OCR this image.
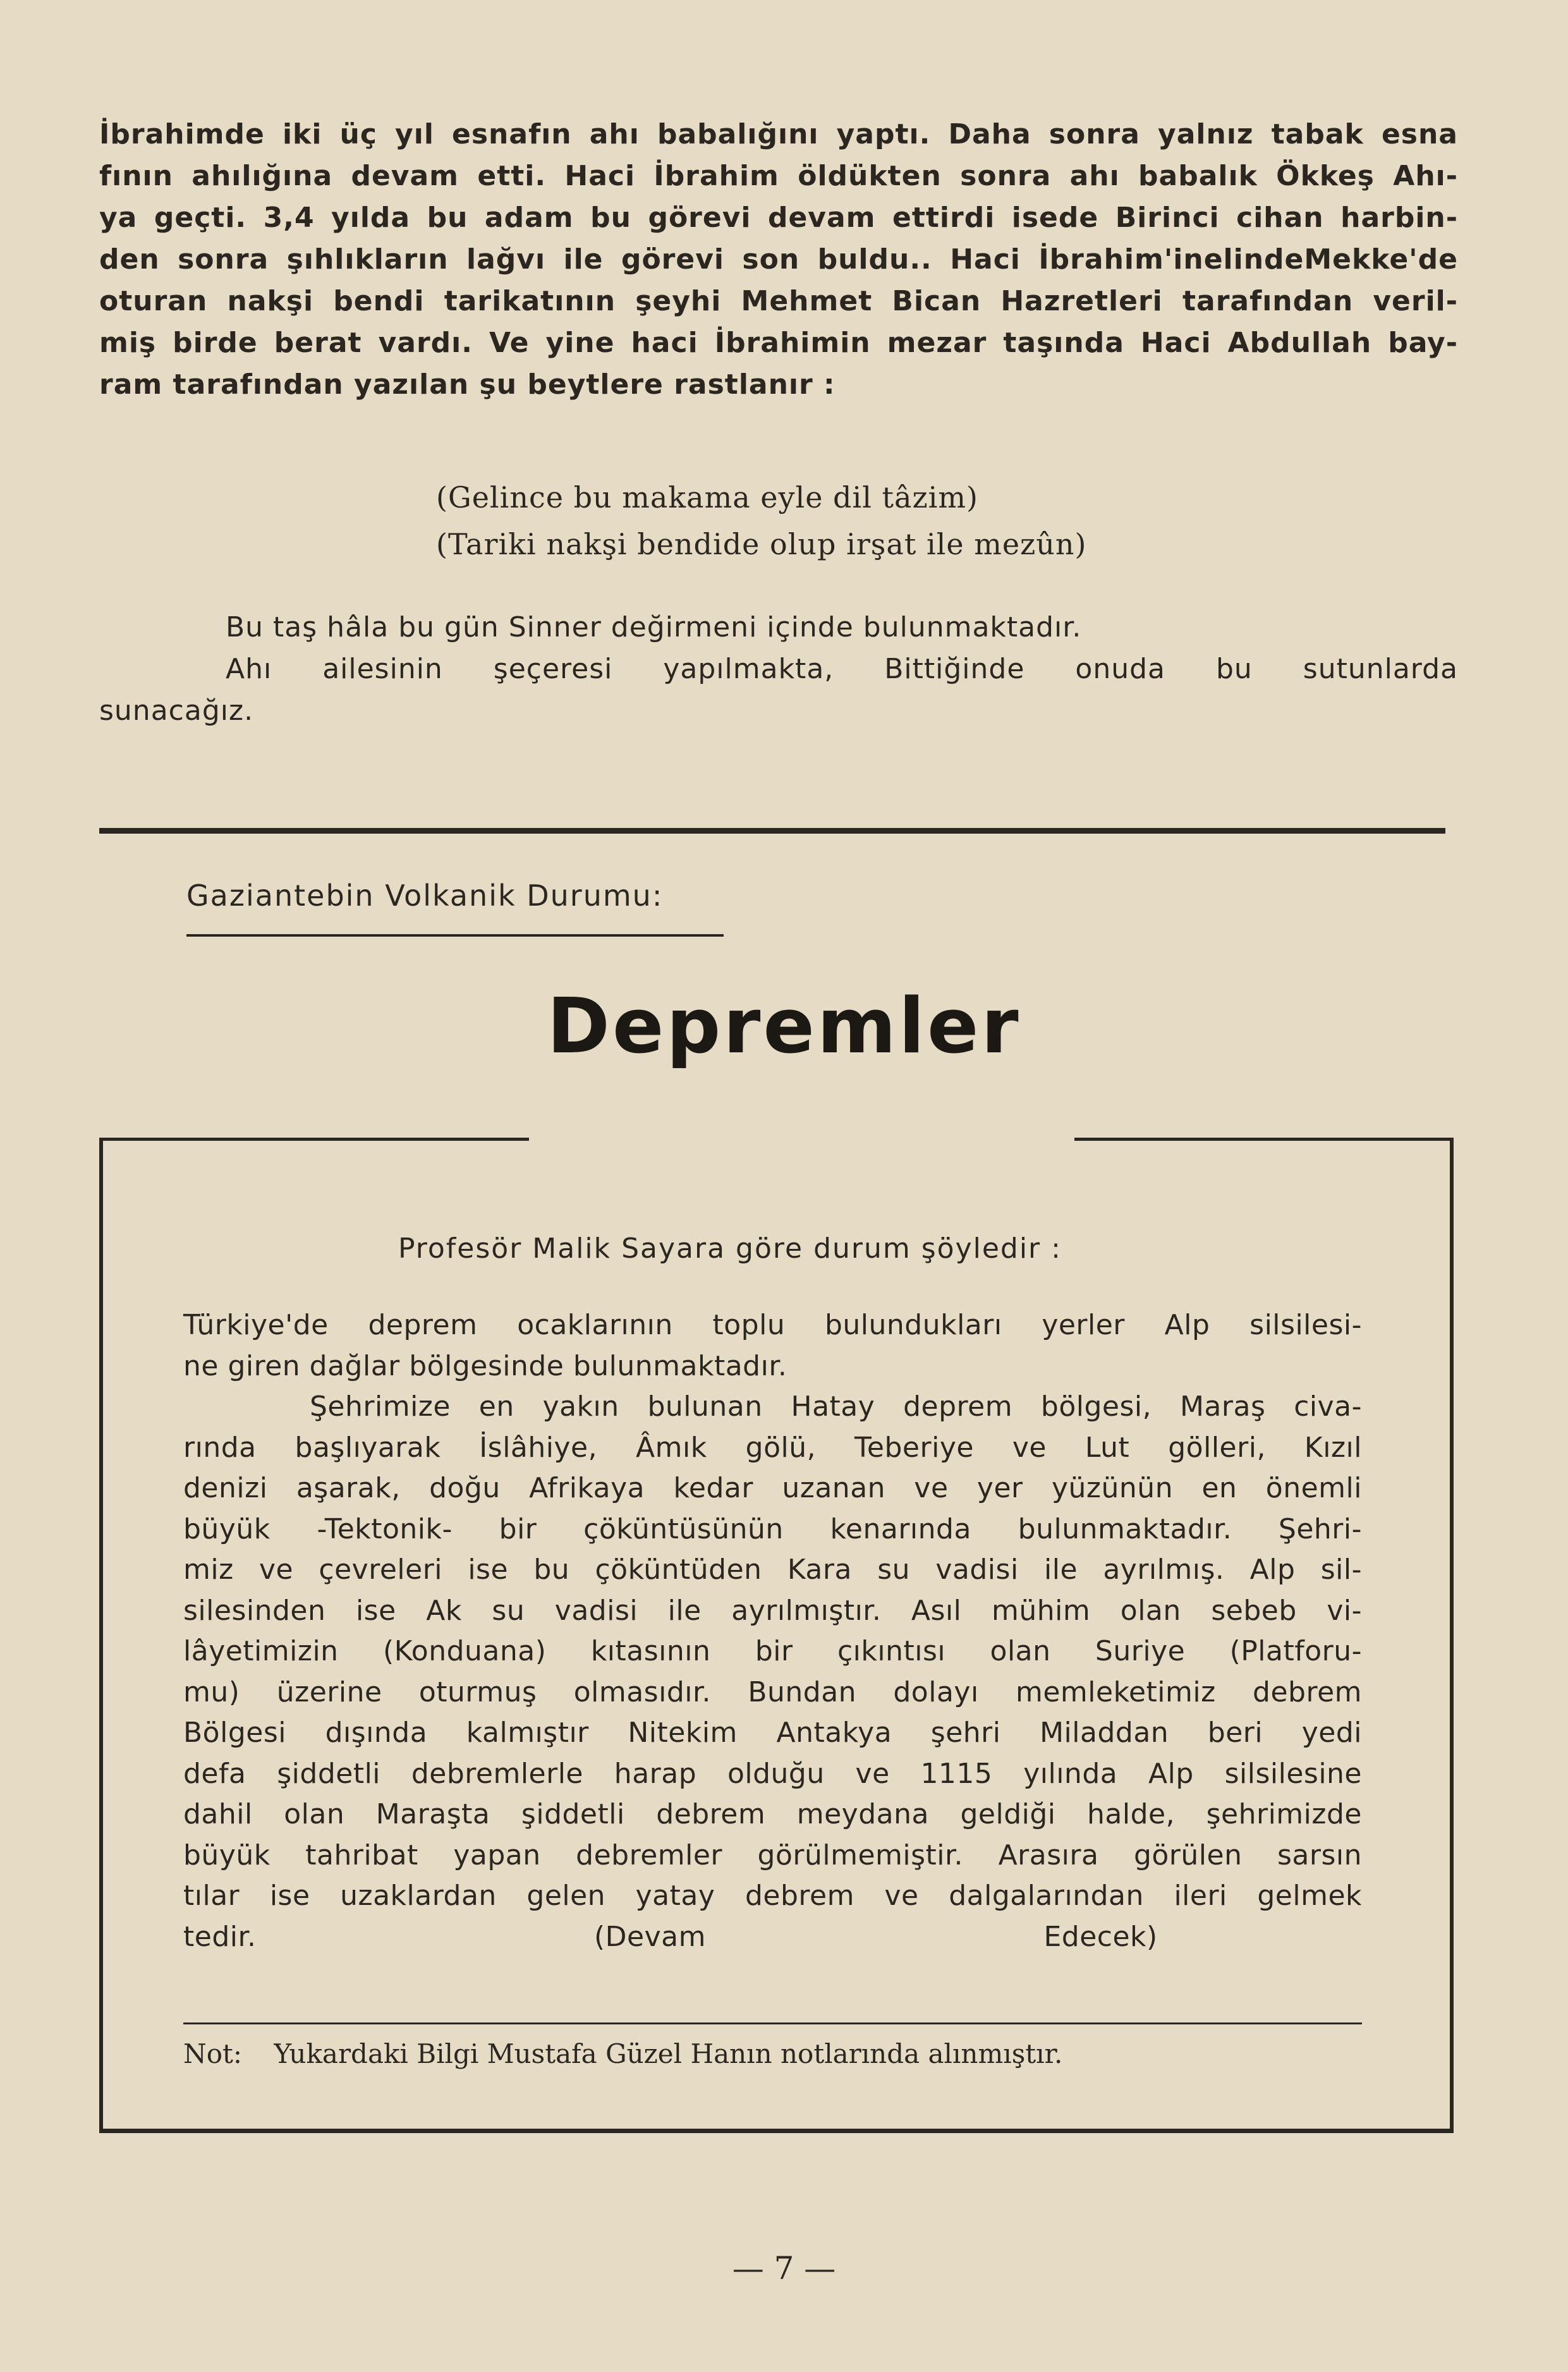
İbrahimde iki üç yıl esnafın ahı babalığını yaptı. Daha sonra yalnız tabak esna
fının ahılığına devam etti. Haci İbrahim öldükten sonra ahı babalık Ökkeş Ahı-
ya geçti. 3,4 yılda bu adam bu görevi devam ettirdi isede Birinci cihan harbin-
den sonra şıhlıkların lağvı ile görevi son buldu.. Haci İbrahim'inelindeMekke'de
oturan nakşi bendi tarikatının şeyhi Mehmet Bican Hazretleri tarafından veril-
miş birde berat vardı. Ve yine haci İbrahimin mezar taşında Haci Abdullah bay-
ram tarafından yazılan şu beytlere rastlanır :
(Gelince bu makama eyle dil tâzim)
(Tariki nakşi bendide olup irşat ile mezûn)
Bu taş hâla bu gün Sinner değirmeni içinde bulunmaktadır.
Ahı ailesinin şeçeresi yapılmakta, Bittiğinde onuda bu sutunlarda
sunacağız.
Gaziantebin Volkanik Durumu:
Depremler
Profesör Malik Sayara göre durum şöyledir :
Türkiye'de deprem ocaklarının toplu bulundukları yerler Alp silsilesi-
ne giren dağlar bölgesinde bulunmaktadır.
Şehrimize en yakın bulunan Hatay deprem bölgesi, Maraş civa-
rında başlıyarak İslâhiye, Âmık gölü, Teberiye ve Lut gölleri, Kızıl
denizi aşarak, doğu Afrikaya kedar uzanan ve yer yüzünün en önemli
büyük -Tektonik- bir çöküntüsünün kenarında bulunmaktadır. Şehri-
miz ve çevreleri ise bu çöküntüden Kara su vadisi ile ayrılmış. Alp sil-
silesinden ise Ak su vadisi ile ayrılmıştır. Asıl mühim olan sebeb vi-
lâyetimizin (Konduana) kıtasının bir çıkıntısı olan Suriye (Platforu-
mu) üzerine oturmuş olmasıdır. Bundan dolayı memleketimiz debrem
Bölgesi dışında kalmıştır Nitekim Antakya şehri Miladdan beri yedi
defa şiddetli debremlerle harap olduğu ve 1115 yılında Alp silsilesine
dahil olan Maraşta şiddetli debrem meydana geldiği halde, şehrimizde
büyük tahribat yapan debremler görülmemiştir. Arasıra görülen sarsın
tılar ise uzaklardan gelen yatay debrem ve dalgalarından ileri gelmek
tedir. (Devam Edecek)
Not: Yukardaki Bilgi Mustafa Güzel Hanın notlarında alınmıştır.
— 7 —
